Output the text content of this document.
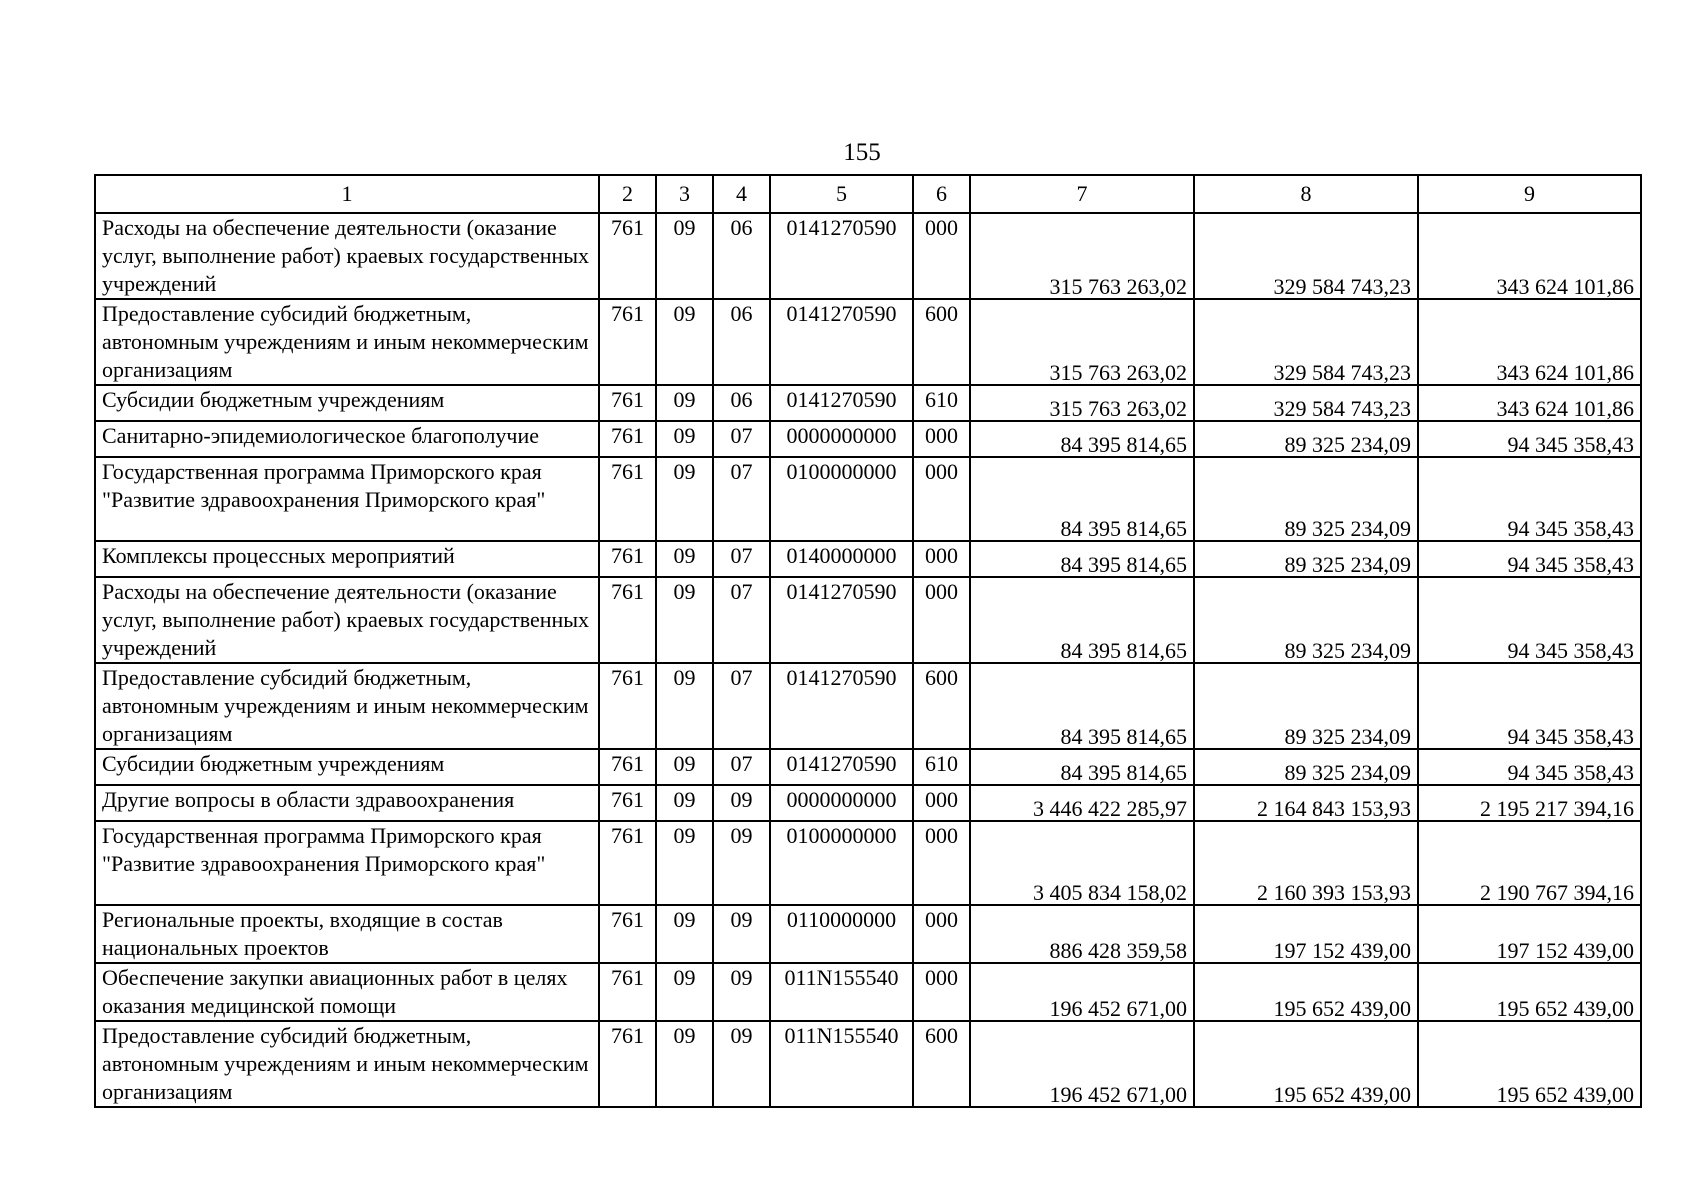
155
1	2	3	4	5	6	7	8	9
Расходы на обеспечение деятельности (оказание услуг, выполнение работ) краевых государственных учреждений	761	09	06	0141270590	000	315 763 263,02	329 584 743,23	343 624 101,86

Предоставление субсидий бюджетным, автономным учреждениям и иным некоммерческим организациям	761	09	06	0141270590	600	315 763 263,02	329 584 743,23	343 624 101,86

Субсидии бюджетным учреждениям	761	09	06	0141270590	610	315 763 263,02	329 584 743,23	343 624 101,86

Санитарно-эпидемиологическое благополучие	761	09	07	0000000000	000	84 395 814,65	89 325 234,09	94 345 358,43

Государственная программа Приморского края "Развитие здравоохранения Приморского края"	761	09	07	0100000000	000	84 395 814,65	89 325 234,09	94 345 358,43

Комплексы процессных мероприятий	761	09	07	0140000000	000	84 395 814,65	89 325 234,09	94 345 358,43

Расходы на обеспечение деятельности (оказание услуг, выполнение работ) краевых государственных учреждений	761	09	07	0141270590	000	84 395 814,65	89 325 234,09	94 345 358,43

Предоставление субсидий бюджетным, автономным учреждениям и иным некоммерческим организациям	761	09	07	0141270590	600	84 395 814,65	89 325 234,09	94 345 358,43

Субсидии бюджетным учреждениям	761	09	07	0141270590	610	84 395 814,65	89 325 234,09	94 345 358,43

Другие вопросы в области здравоохранения	761	09	09	0000000000	000	3 446 422 285,97	2 164 843 153,93	2 195 217 394,16

Государственная программа Приморского края "Развитие здравоохранения Приморского края"	761	09	09	0100000000	000	3 405 834 158,02	2 160 393 153,93	2 190 767 394,16

Региональные проекты, входящие в состав национальных проектов	761	09	09	0110000000	000	886 428 359,58	197 152 439,00	197 152 439,00

Обеспечение закупки авиационных работ в целях оказания медицинской помощи	761	09	09	011N155540	000	196 452 671,00	195 652 439,00	195 652 439,00

Предоставление субсидий бюджетным, автономным учреждениям и иным некоммерческим организациям	761	09	09	011N155540	600	196 452 671,00	195 652 439,00	195 652 439,00
